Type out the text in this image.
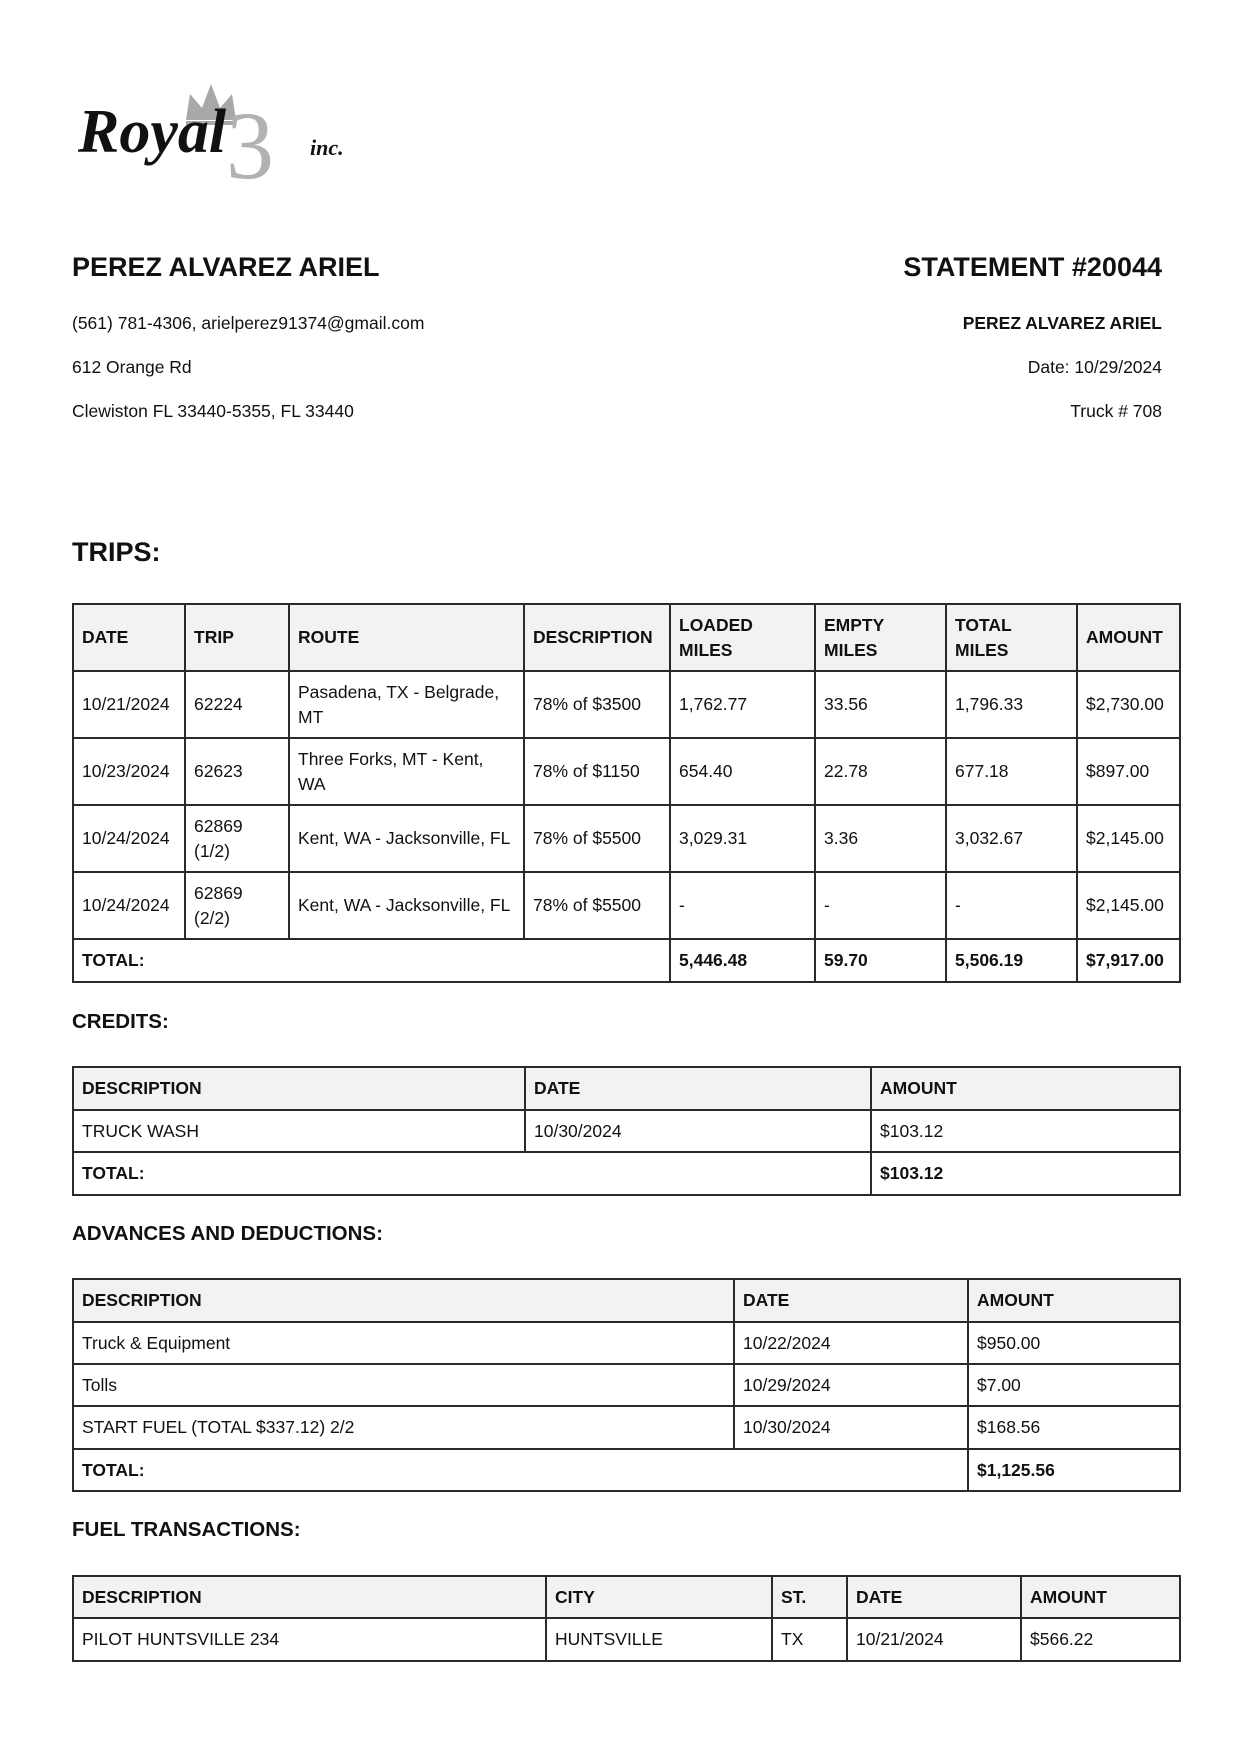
3
Royal	inc.
PEREZ ALVAREZ ARIEL
(561) 781-4306, arielperez91374@gmail.com
612 Orange Rd
Clewiston FL 33440-5355, FL 33440
STATEMENT #20044
PEREZ ALVAREZ ARIEL
Date: 10/29/2024
Truck # 708
TRIPS:
DATE	TRIP	ROUTE	DESCRIPTION	LOADED MILES	EMPTY MILES	TOTAL MILES	AMOUNT
10/21/2024	62224	Pasadena, TX - Belgrade, MT	78% of $3500	1,762.77	33.56	1,796.33	$2,730.00
10/23/2024	62623	Three Forks, MT - Kent, WA	78% of $1150	654.40	22.78	677.18	$897.00
10/24/2024	62869 (1/2)	Kent, WA - Jacksonville, FL	78% of $5500	3,029.31	3.36	3,032.67	$2,145.00
10/24/2024	62869 (2/2)	Kent, WA - Jacksonville, FL	78% of $5500	-	-	-	$2,145.00
TOTAL:				5,446.48	59.70	5,506.19	$7,917.00
CREDITS:
DESCRIPTION	DATE	AMOUNT
TRUCK WASH	10/30/2024	$103.12
TOTAL:		$103.12
ADVANCES AND DEDUCTIONS:
DESCRIPTION	DATE	AMOUNT
Truck & Equipment	10/22/2024	$950.00
Tolls	10/29/2024	$7.00
START FUEL (TOTAL $337.12) 2/2	10/30/2024	$168.56
TOTAL:		$1,125.56
FUEL TRANSACTIONS:
DESCRIPTION	CITY	ST.	DATE	AMOUNT
PILOT HUNTSVILLE 234	HUNTSVILLE	TX	10/21/2024	$566.22
